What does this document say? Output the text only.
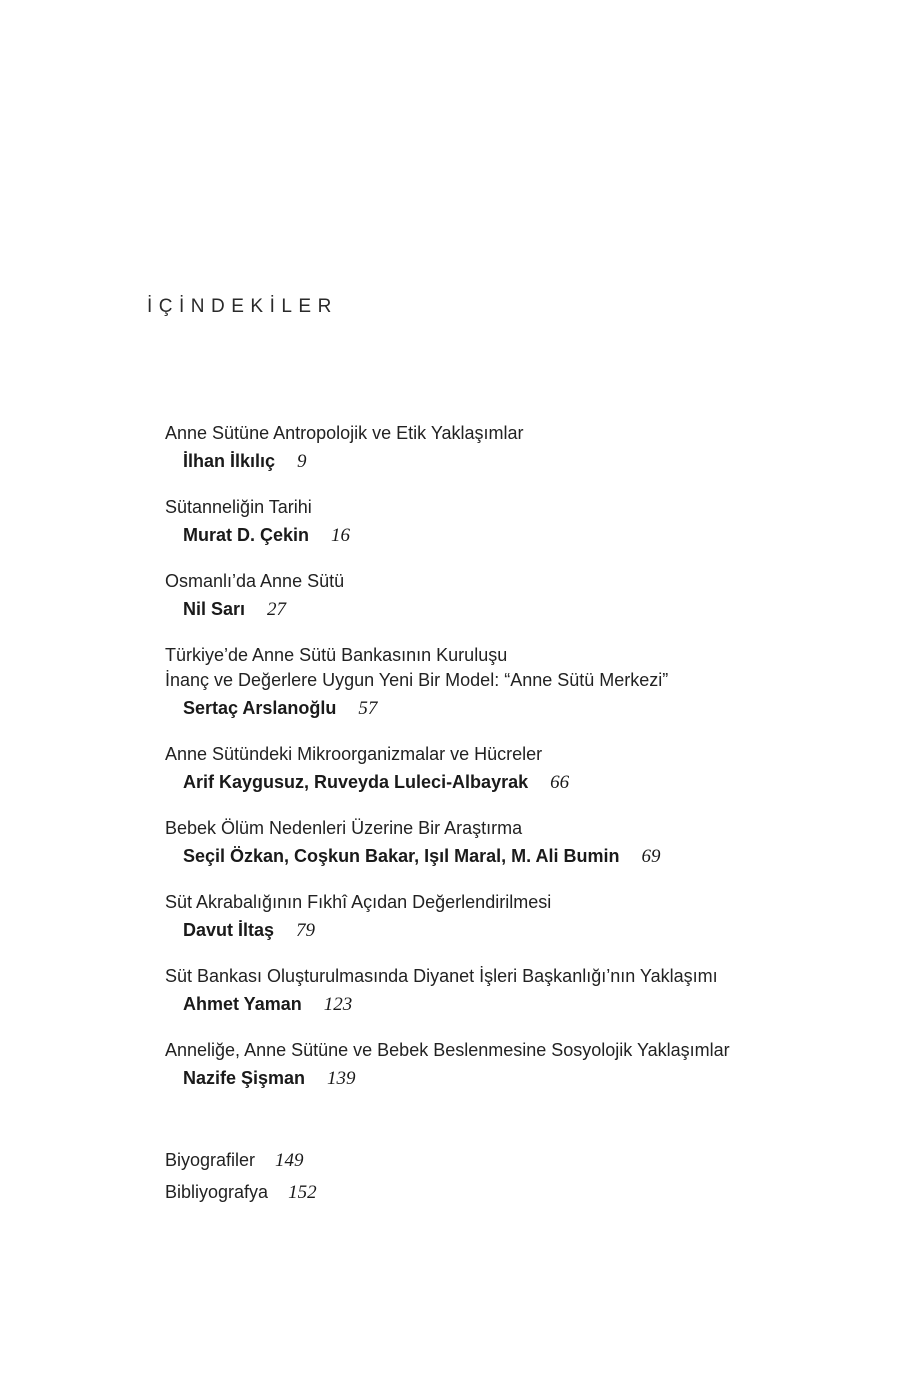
İÇİNDEKİLER
Anne Sütüne Antropolojik ve Etik Yaklaşımlar
İlhan İlkılıç 9
Sütanneliğin Tarihi
Murat D. Çekin 16
Osmanlı’da Anne Sütü
Nil Sarı 27
Türkiye’de Anne Sütü Bankasının Kuruluşu
İnanç ve Değerlere Uygun Yeni Bir Model: “Anne Sütü Merkezi”
Sertaç Arslanoğlu 57
Anne Sütündeki Mikroorganizmalar ve Hücreler
Arif Kaygusuz, Ruveyda Luleci-Albayrak 66
Bebek Ölüm Nedenleri Üzerine Bir Araştırma
Seçil Özkan, Coşkun Bakar, Işıl Maral, M. Ali Bumin 69
Süt Akrabalığının Fıkhî Açıdan Değerlendirilmesi
Davut İltaş 79
Süt Bankası Oluşturulmasında Diyanet İşleri Başkanlığı’nın Yaklaşımı
Ahmet Yaman 123
Anneliğe, Anne Sütüne ve Bebek Beslenmesine Sosyolojik Yaklaşımlar
Nazife Şişman 139
Biyografiler 149
Bibliyografya 152
